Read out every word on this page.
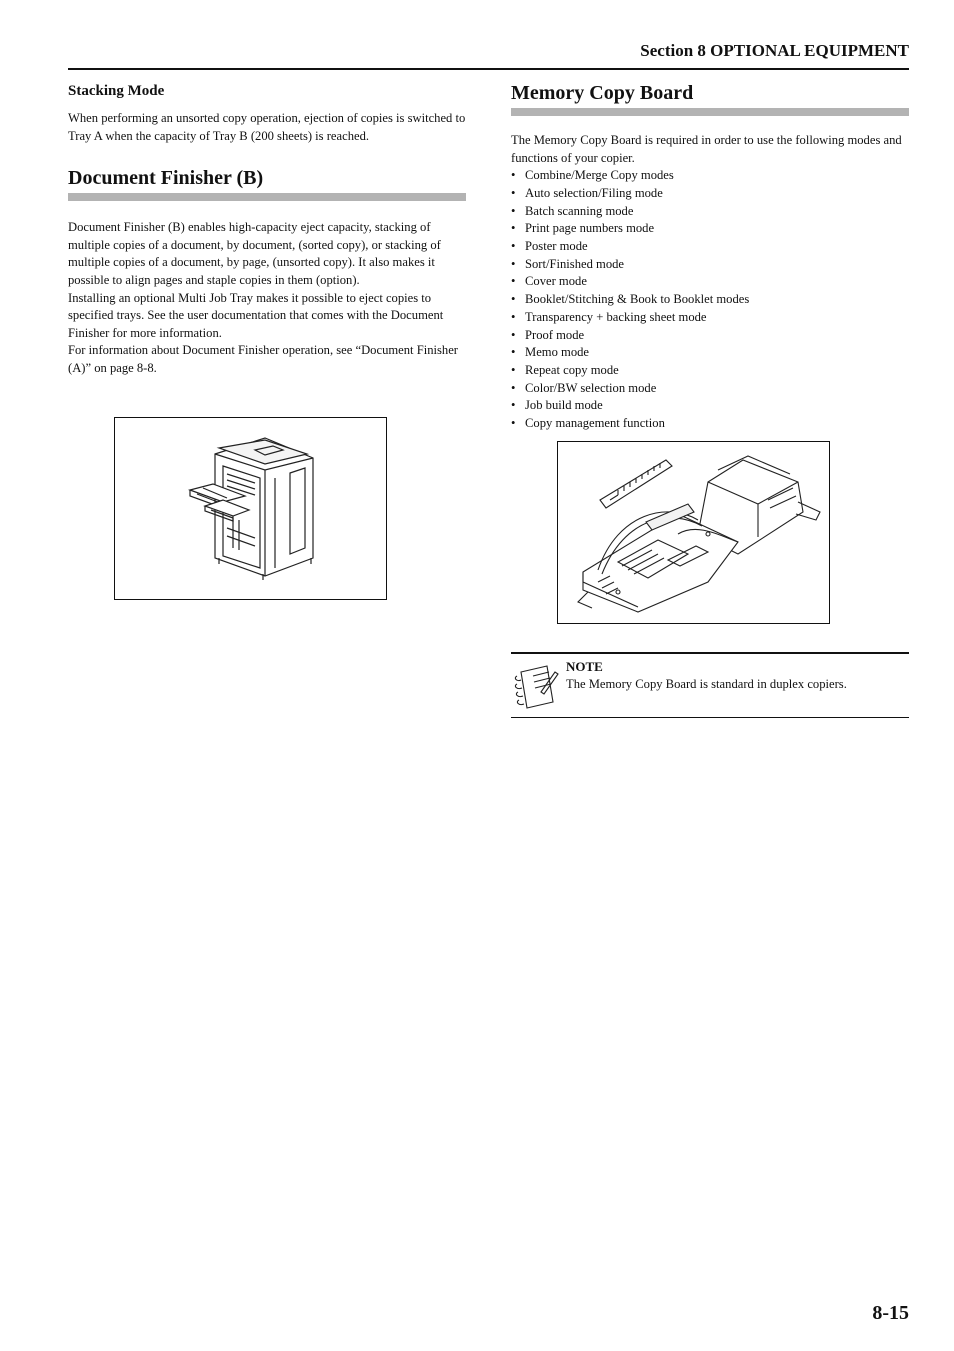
Section 8 OPTIONAL EQUIPMENT
Stacking Mode

When performing an unsorted copy operation, ejection of copies is switched to Tray A when the capacity of Tray B (200 sheets) is reached.

Document Finisher (B)

Document Finisher (B) enables high-capacity eject capacity, stacking of multiple copies of a document, by document, (sorted copy), or stacking of multiple copies of a document, by page, (unsorted copy). It also makes it possible to align pages and staple copies in them (option).

Installing an optional Multi Job Tray makes it possible to eject copies to specified trays. See the user documentation that comes with the Document Finisher for more information.

For information about Document Finisher operation, see “Document Finisher (A)” on page 8-8.

Memory Copy Board

The Memory Copy Board is required in order to use the following modes and functions of your copier.

• Combine/Merge Copy modes
• Auto selection/Filing mode
• Batch scanning mode
• Print page numbers mode
• Poster mode
• Sort/Finished mode
• Cover mode
• Booklet/Stitching & Book to Booklet modes
• Transparency + backing sheet mode
• Proof mode
• Memo mode
• Repeat copy mode
• Color/BW selection mode
• Job build mode
• Copy management function
NOTE
The Memory Copy Board is standard in duplex copiers.
8-15
